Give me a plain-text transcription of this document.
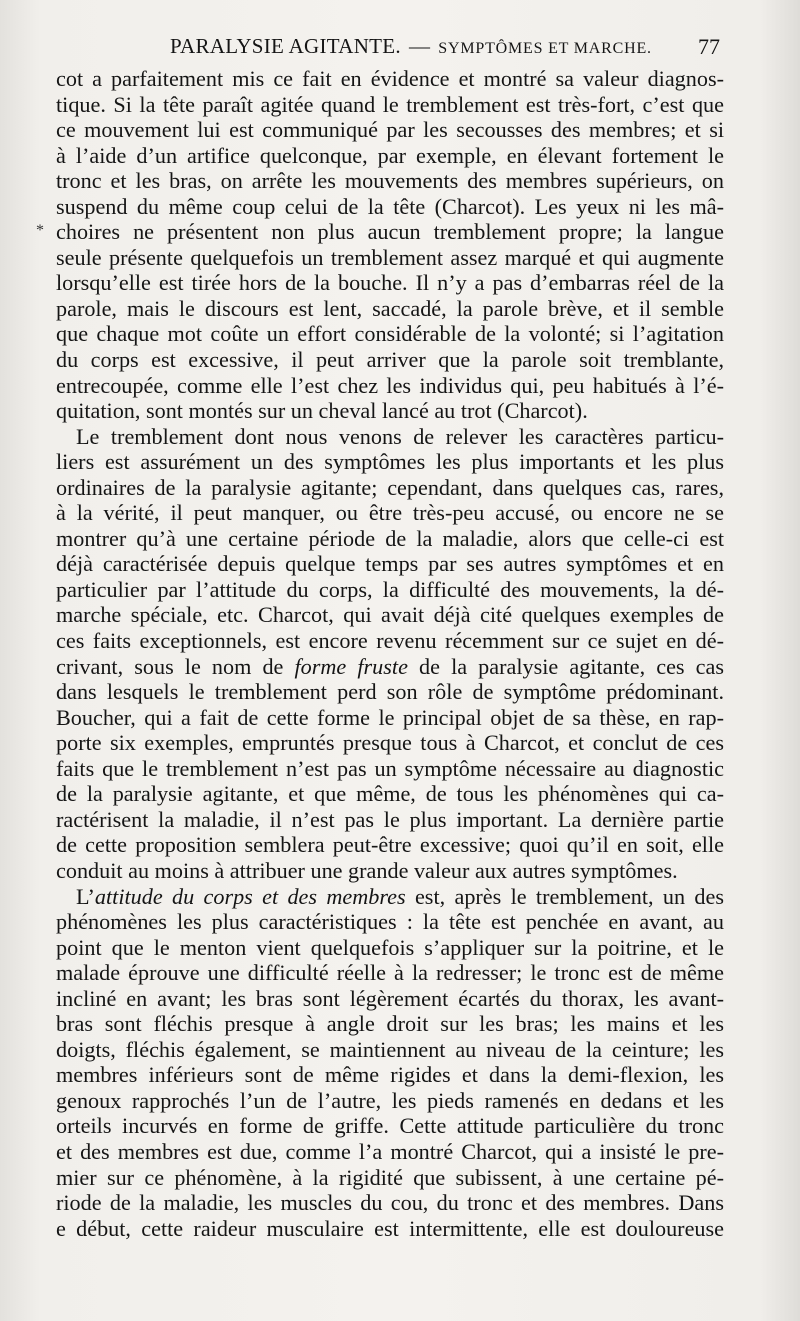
PARALYSIE AGITANTE. — SYMPTÔMES ET MARCHE. 77
*
cot a parfaitement mis ce fait en évidence et montré sa valeur diagnos-
tique. Si la tête paraît agitée quand le tremblement est très-fort, c’est que
ce mouvement lui est communiqué par les secousses des membres; et si
à l’aide d’un artifice quelconque, par exemple, en élevant fortement le
tronc et les bras, on arrête les mouvements des membres supérieurs, on
suspend du même coup celui de la tête (Charcot). Les yeux ni les mâ-
choires ne présentent non plus aucun tremblement propre; la langue
seule présente quelquefois un tremblement assez marqué et qui augmente
lorsqu’elle est tirée hors de la bouche. Il n’y a pas d’embarras réel de la
parole, mais le discours est lent, saccadé, la parole brève, et il semble
que chaque mot coûte un effort considérable de la volonté; si l’agitation
du corps est excessive, il peut arriver que la parole soit tremblante,
entrecoupée, comme elle l’est chez les individus qui, peu habitués à l’é-
quitation, sont montés sur un cheval lancé au trot (Charcot).
Le tremblement dont nous venons de relever les caractères particu-
liers est assurément un des symptômes les plus importants et les plus
ordinaires de la paralysie agitante; cependant, dans quelques cas, rares,
à la vérité, il peut manquer, ou être très-peu accusé, ou encore ne se
montrer qu’à une certaine période de la maladie, alors que celle-ci est
déjà caractérisée depuis quelque temps par ses autres symptômes et en
particulier par l’attitude du corps, la difficulté des mouvements, la dé-
marche spéciale, etc. Charcot, qui avait déjà cité quelques exemples de
ces faits exceptionnels, est encore revenu récemment sur ce sujet en dé-
crivant, sous le nom de forme fruste de la paralysie agitante, ces cas
dans lesquels le tremblement perd son rôle de symptôme prédominant.
Boucher, qui a fait de cette forme le principal objet de sa thèse, en rap-
porte six exemples, empruntés presque tous à Charcot, et conclut de ces
faits que le tremblement n’est pas un symptôme nécessaire au diagnostic
de la paralysie agitante, et que même, de tous les phénomènes qui ca-
ractérisent la maladie, il n’est pas le plus important. La dernière partie
de cette proposition semblera peut-être excessive; quoi qu’il en soit, elle
conduit au moins à attribuer une grande valeur aux autres symptômes.
L’attitude du corps et des membres est, après le tremblement, un des
phénomènes les plus caractéristiques : la tête est penchée en avant, au
point que le menton vient quelquefois s’appliquer sur la poitrine, et le
malade éprouve une difficulté réelle à la redresser; le tronc est de même
incliné en avant; les bras sont légèrement écartés du thorax, les avant-
bras sont fléchis presque à angle droit sur les bras; les mains et les
doigts, fléchis également, se maintiennent au niveau de la ceinture; les
membres inférieurs sont de même rigides et dans la demi-flexion, les
genoux rapprochés l’un de l’autre, les pieds ramenés en dedans et les
orteils incurvés en forme de griffe. Cette attitude particulière du tronc
et des membres est due, comme l’a montré Charcot, qui a insisté le pre-
mier sur ce phénomène, à la rigidité que subissent, à une certaine pé-
riode de la maladie, les muscles du cou, du tronc et des membres. Dans
e début, cette raideur musculaire est intermittente, elle est douloureuse
